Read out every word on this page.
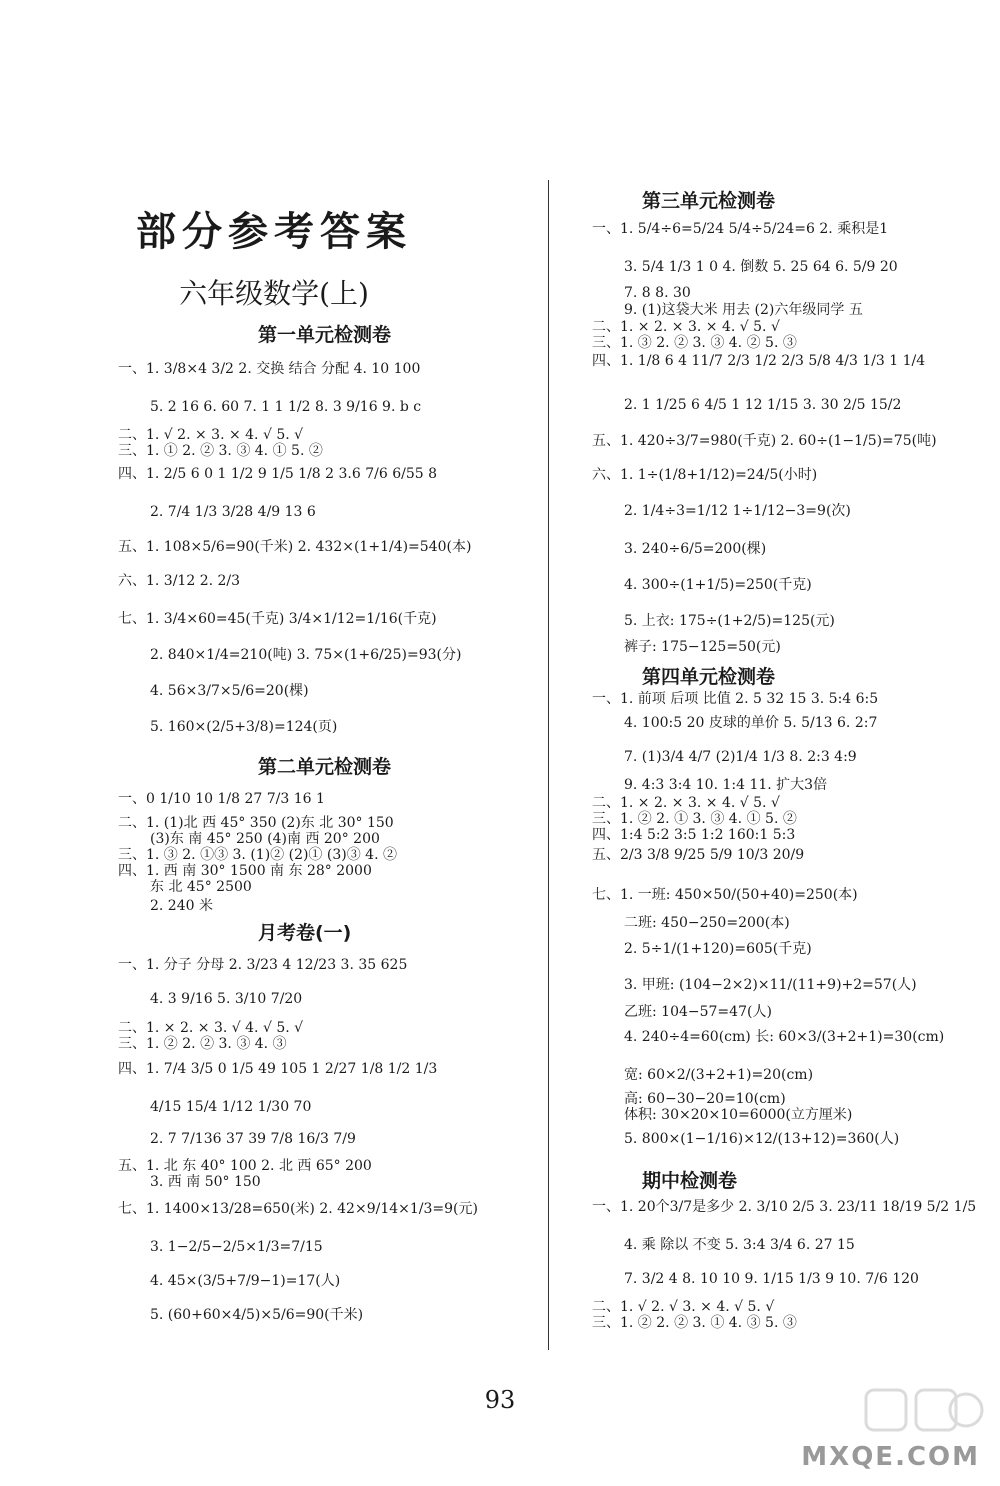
部分参考答案
六年级数学(上)
第一单元检测卷
一、1. 3/8×4 3/2 2. 交换 结合 分配 4. 10 100
5. 2 16 6. 60 7. 1 1 1/2 8. 3 9/16 9. b c
二、1. √ 2. × 3. × 4. √ 5. √
三、1. ① 2. ② 3. ③ 4. ① 5. ②
四、1. 2/5 6 0 1 1/2 9 1/5 1/8 2 3.6 7/6 6/55 8
2. 7/4 1/3 3/28 4/9 13 6
五、1. 108×5/6=90(千米) 2. 432×(1+1/4)=540(本)
六、1. 3/12 2. 2/3
七、1. 3/4×60=45(千克) 3/4×1/12=1/16(千克)
2. 840×1/4=210(吨) 3. 75×(1+6/25)=93(分)
4. 56×3/7×5/6=20(棵)
5. 160×(2/5+3/8)=124(页)
第二单元检测卷
一、0 1/10 10 1/8 27 7/3 16 1
二、1. (1)北 西 45° 350 (2)东 北 30° 150
(3)东 南 45° 250 (4)南 西 20° 200
三、1. ③ 2. ①③ 3. (1)② (2)① (3)③ 4. ②
四、1. 西 南 30° 1500 南 东 28° 2000
东 北 45° 2500
2. 240 米
月考卷(一)
一、1. 分子 分母 2. 3/23 4 12/23 3. 35 625
4. 3 9/16 5. 3/10 7/20
二、1. × 2. × 3. √ 4. √ 5. √
三、1. ② 2. ② 3. ③ 4. ③
四、1. 7/4 3/5 0 1/5 49 105 1 2/27 1/8 1/2 1/3
4/15 15/4 1/12 1/30 70
2. 7 7/136 37 39 7/8 16/3 7/9
五、1. 北 东 40° 100 2. 北 西 65° 200
3. 西 南 50° 150
七、1. 1400×13/28=650(米) 2. 42×9/14×1/3=9(元)
3. 1−2/5−2/5×1/3=7/15
4. 45×(3/5+7/9−1)=17(人)
5. (60+60×4/5)×5/6=90(千米)
第三单元检测卷
一、1. 5/4÷6=5/24 5/4÷5/24=6 2. 乘积是1
3. 5/4 1/3 1 0 4. 倒数 5. 25 64 6. 5/9 20
7. 8 8. 30
9. (1)这袋大米 用去 (2)六年级同学 五
二、1. × 2. × 3. × 4. √ 5. √
三、1. ③ 2. ② 3. ③ 4. ② 5. ③
四、1. 1/8 6 4 11/7 2/3 1/2 2/3 5/8 4/3 1/3 1 1/4
2. 1 1/25 6 4/5 1 12 1/15 3. 30 2/5 15/2
五、1. 420÷3/7=980(千克) 2. 60÷(1−1/5)=75(吨)
六、1. 1÷(1/8+1/12)=24/5(小时)
2. 1/4÷3=1/12 1÷1/12−3=9(次)
3. 240÷6/5=200(棵)
4. 300÷(1+1/5)=250(千克)
5. 上衣: 175÷(1+2/5)=125(元)
裤子: 175−125=50(元)
第四单元检测卷
一、1. 前项 后项 比值 2. 5 32 15 3. 5:4 6:5
4. 100:5 20 皮球的单价 5. 5/13 6. 2:7
7. (1)3/4 4/7 (2)1/4 1/3 8. 2:3 4:9
9. 4:3 3:4 10. 1:4 11. 扩大3倍
二、1. × 2. × 3. × 4. √ 5. √
三、1. ② 2. ① 3. ③ 4. ① 5. ②
四、1:4 5:2 3:5 1:2 160:1 5:3
五、2/3 3/8 9/25 5/9 10/3 20/9
七、1. 一班: 450×50/(50+40)=250(本)
二班: 450−250=200(本)
2. 5÷1/(1+120)=605(千克)
3. 甲班: (104−2×2)×11/(11+9)+2=57(人)
乙班: 104−57=47(人)
4. 240÷4=60(cm) 长: 60×3/(3+2+1)=30(cm)
宽: 60×2/(3+2+1)=20(cm)
高: 60−30−20=10(cm)
体积: 30×20×10=6000(立方厘米)
5. 800×(1−1/16)×12/(13+12)=360(人)
期中检测卷
一、1. 20个3/7是多少 2. 3/10 2/5 3. 23/11 18/19 5/2 1/5
4. 乘 除以 不变 5. 3:4 3/4 6. 27 15
7. 3/2 4 8. 10 10 9. 1/15 1/3 9 10. 7/6 120
二、1. √ 2. √ 3. × 4. √ 5. √
三、1. ② 2. ② 3. ① 4. ③ 5. ③
93
MXQE.COM
